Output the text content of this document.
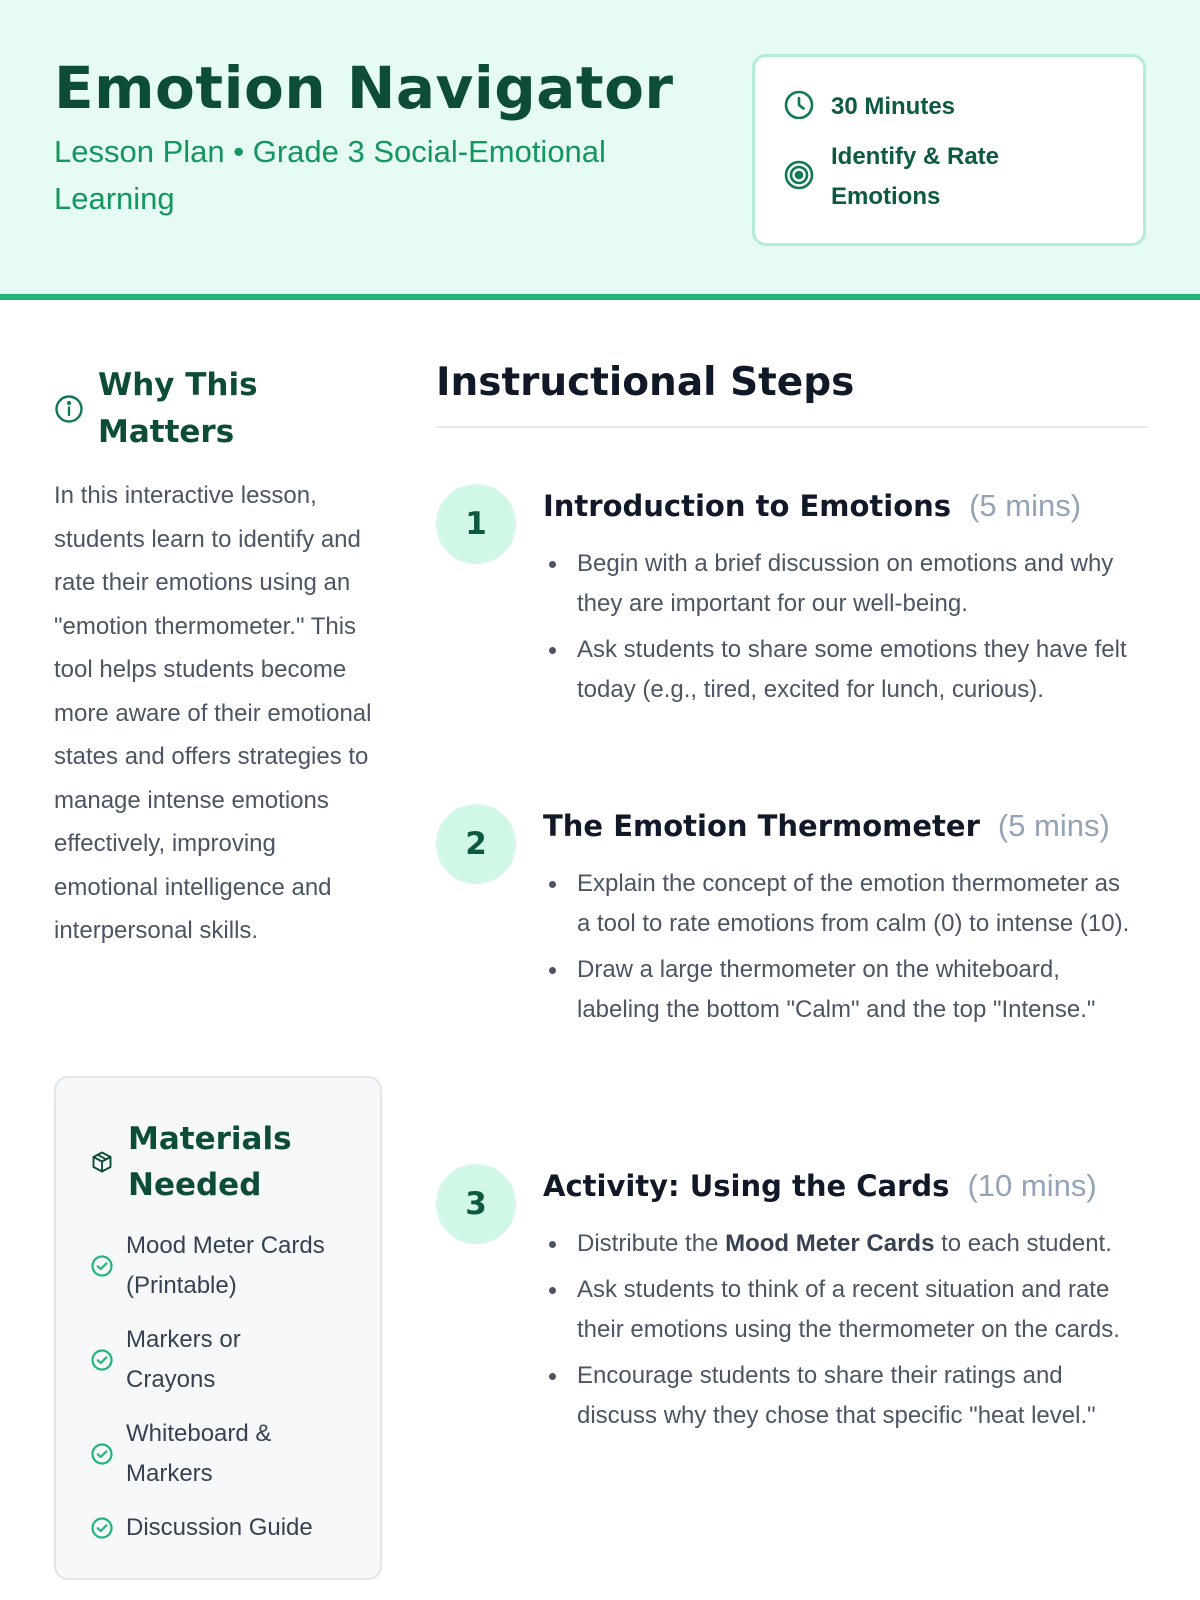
Emotion Navigator
Lesson Plan • Grade 3 Social-Emotional Learning
30 Minutes
Identify & Rate Emotions
Why This Matters

In this interactive lesson, students learn to identify and rate their emotions using an "emotion thermometer." This tool helps students become more aware of their emotional states and offers strategies to manage intense emotions effectively, improving emotional intelligence and interpersonal skills.

Materials Needed
Mood Meter Cards (Printable)
Markers or Crayons
Whiteboard & Markers
Discussion Guide
Instructional Steps
1	Introduction to Emotions (5 mins)
Begin with a brief discussion on emotions and why they are important for our well-being.
Ask students to share some emotions they have felt today (e.g., tired, excited for lunch, curious).
2	The Emotion Thermometer (5 mins)
Explain the concept of the emotion thermometer as a tool to rate emotions from calm (0) to intense (10).
Draw a large thermometer on the whiteboard, labeling the bottom "Calm" and the top "Intense."
3	Activity: Using the Cards (10 mins)
Distribute the Mood Meter Cards to each student.
Ask students to think of a recent situation and rate their emotions using the thermometer on the cards.
Encourage students to share their ratings and discuss why they chose that specific "heat level."
